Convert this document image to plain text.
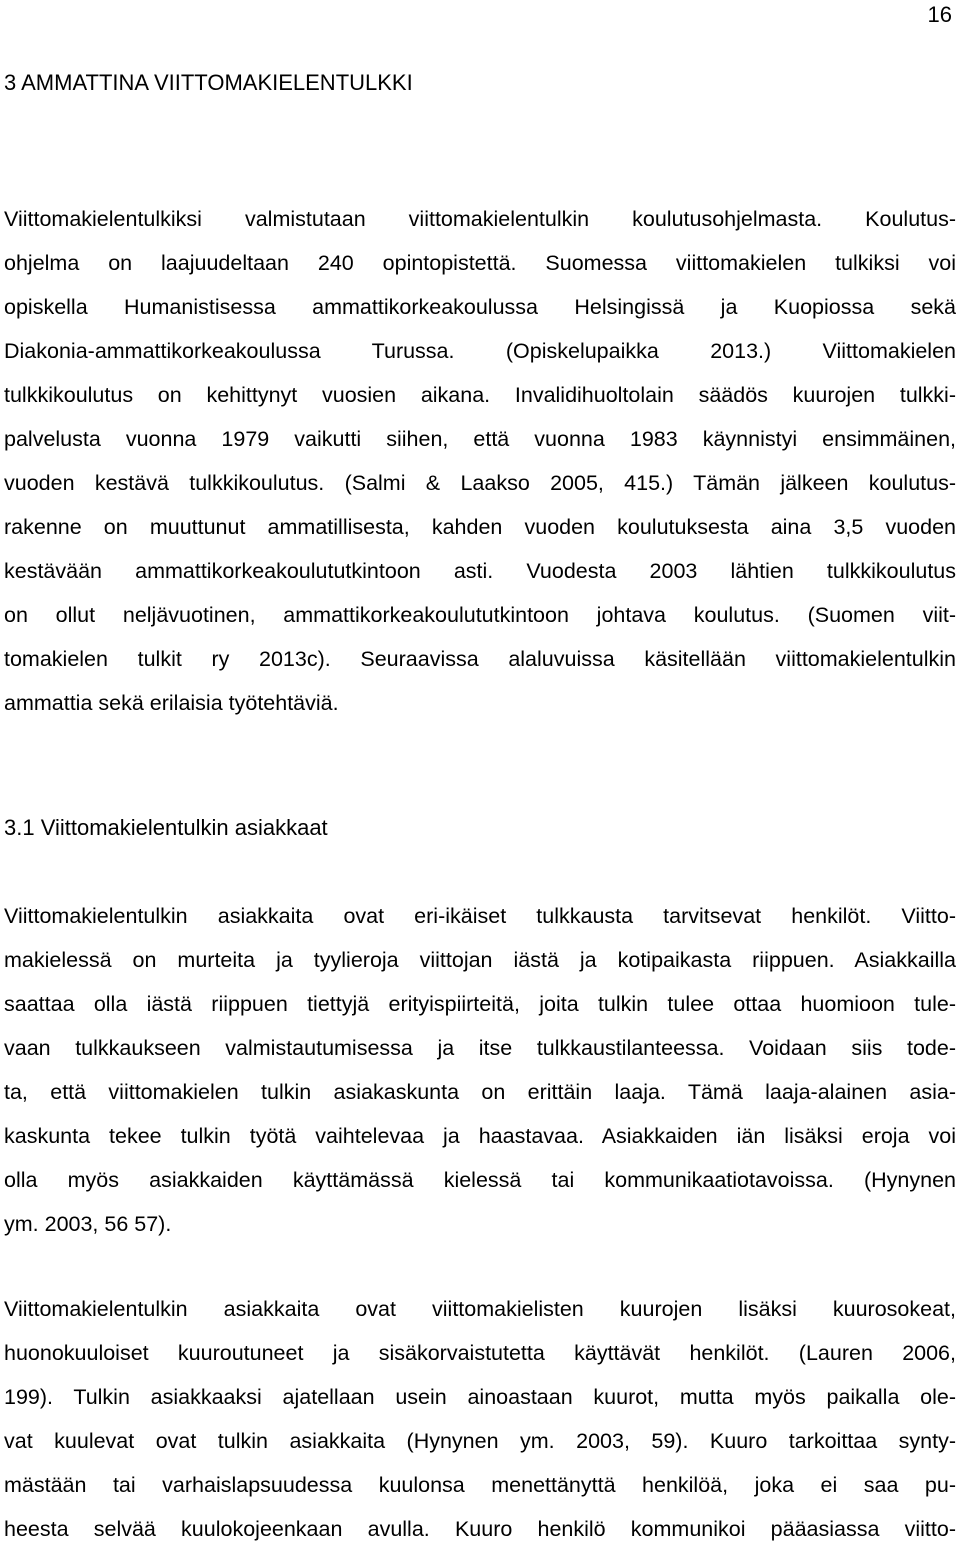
16
3 AMMATTINA VIITTOMAKIELENTULKKI
Viittomakielentulkiksi valmistutaan viittomakielentulkin koulutusohjelmasta. Koulutus-
ohjelma on laajuudeltaan 240 opintopistettä. Suomessa viittomakielen tulkiksi voi
opiskella Humanistisessa ammattikorkeakoulussa Helsingissä ja Kuopiossa sekä
Diakonia-ammattikorkeakoulussa Turussa. (Opiskelupaikka 2013.) Viittomakielen
tulkkikoulutus on kehittynyt vuosien aikana. Invalidihuoltolain säädös kuurojen tulkki-
palvelusta vuonna 1979 vaikutti siihen, että vuonna 1983 käynnistyi ensimmäinen,
vuoden kestävä tulkkikoulutus. (Salmi & Laakso 2005, 415.) Tämän jälkeen koulutus-
rakenne on muuttunut ammatillisesta, kahden vuoden koulutuksesta aina 3,5 vuoden
kestävään ammattikorkeakoulututkintoon asti. Vuodesta 2003 lähtien tulkkikoulutus
on ollut neljävuotinen, ammattikorkeakoulututkintoon johtava koulutus. (Suomen viit-
tomakielen tulkit ry 2013c). Seuraavissa alaluvuissa käsitellään viittomakielentulkin
ammattia sekä erilaisia työtehtäviä.
3.1 Viittomakielentulkin asiakkaat
Viittomakielentulkin asiakkaita ovat eri-ikäiset tulkkausta tarvitsevat henkilöt. Viitto-
makielessä on murteita ja tyylieroja viittojan iästä ja kotipaikasta riippuen. Asiakkailla
saattaa olla iästä riippuen tiettyjä erityispiirteitä, joita tulkin tulee ottaa huomioon tule-
vaan tulkkaukseen valmistautumisessa ja itse tulkkaustilanteessa. Voidaan siis tode-
ta, että viittomakielen tulkin asiakaskunta on erittäin laaja. Tämä laaja-alainen asia-
kaskunta tekee tulkin työtä vaihtelevaa ja haastavaa. Asiakkaiden iän lisäksi eroja voi
olla myös asiakkaiden käyttämässä kielessä tai kommunikaatiotavoissa. (Hynynen
ym. 2003, 56 57).
Viittomakielentulkin asiakkaita ovat viittomakielisten kuurojen lisäksi kuurosokeat,
huonokuuloiset kuuroutuneet ja sisäkorvaistutetta käyttävät henkilöt. (Lauren 2006,
199). Tulkin asiakkaaksi ajatellaan usein ainoastaan kuurot, mutta myös paikalla ole-
vat kuulevat ovat tulkin asiakkaita (Hynynen ym. 2003, 59). Kuuro tarkoittaa synty-
mästään tai varhaislapsuudessa kuulonsa menettänyttä henkilöä, joka ei saa pu-
heesta selvää kuulokojeenkaan avulla. Kuuro henkilö kommunikoi pääasiassa viitto-
